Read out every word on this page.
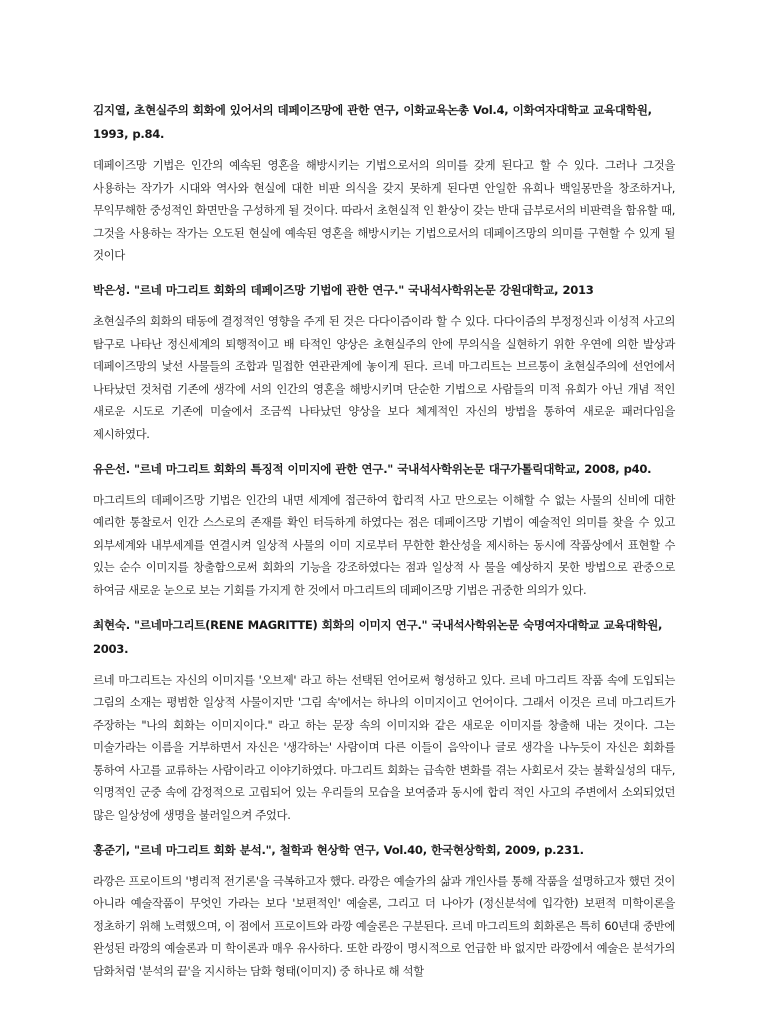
김지열, 초현실주의 회화에 있어서의 데페이즈망에 관한 연구, 이화교육논총 Vol.4, 이화여자대학교 교육대학원, 1993, p.84.

데페이즈망 기법은 인간의 예속된 영혼을 해방시키는 기법으로서의 의미를 갖게 된다고 할 수 있다. 그러나 그것을 사용하는 작가가 시대와 역사와 현실에 대한 비판 의식을 갖지 못하게 된다면 안일한 유희나 백일몽만을 창조하거나, 무익무해한 중성적인 화면만을 구성하게 될 것이다. 따라서 초현실적 인 환상이 갖는 반대 급부로서의 비판력을 함유할 때, 그것을 사용하는 작가는 오도된 현실에 예속된 영혼을 해방시키는 기법으로서의 데페이즈망의 의미를 구현할 수 있게 될 것이다

박은성. "르네 마그리트 회화의 데페이즈망 기법에 관한 연구." 국내석사학위논문 강원대학교, 2013

초현실주의 회화의 태동에 결정적인 영향을 주게 된 것은 다다이즘이라 할 수 있다. 다다이즘의 부정정신과 이성적 사고의 탐구로 나타난 정신세계의 퇴행적이고 배 타적인 양상은 초현실주의 안에 무의식을 실현하기 위한 우연에 의한 발상과 데페이즈망의 낯선 사물들의 조합과 밀접한 연관관계에 놓이게 된다. 르네 마그리트는 브르통이 초현실주의에 선언에서 나타났던 것처럼 기존에 생각에 서의 인간의 영혼을 해방시키며 단순한 기법으로 사람들의 미적 유희가 아닌 개념 적인 새로운 시도로 기존에 미술에서 조금씩 나타났던 양상을 보다 체계적인 자신의 방법을 통하여 새로운 패러다임을 제시하였다.

유은선. "르네 마그리트 회화의 특징적 이미지에 관한 연구." 국내석사학위논문 대구가톨릭대학교, 2008, p40.

마그리트의 데페이즈망 기법은 인간의 내면 세계에 접근하여 합리적 사고 만으로는 이해할 수 없는 사물의 신비에 대한 예리한 통찰로서 인간 스스로의 존재를 확인 터득하게 하였다는 점은 데페이즈망 기법이 예술적인 의미를 찾을 수 있고 외부세계와 내부세계를 연결시켜 일상적 사물의 이미 지로부터 무한한 환산성을 제시하는 동시에 작품상에서 표현할 수 있는 순수 이미지를 창출함으로써 회화의 기능을 강조하였다는 점과 일상적 사 물을 예상하지 못한 방법으로 관중으로 하여금 새로운 눈으로 보는 기회를 가지게 한 것에서 마그리트의 데페이즈망 기법은 귀중한 의의가 있다.

최현숙. "르네마그리트(RENE MAGRITTE) 회화의 이미지 연구." 국내석사학위논문 숙명여자대학교 교육대학원, 2003.

르네 마그리트는 자신의 이미지를 '오브제' 라고 하는 선택된 언어로써 형성하고 있다. 르네 마그리트 작품 속에 도입되는 그림의 소재는 평범한 일상적 사물이지만 '그림 속'에서는 하나의 이미지이고 언어이다. 그래서 이것은 르네 마그리트가 주장하는 "나의 회화는 이미지이다." 라고 하는 문장 속의 이미지와 같은 새로운 이미지를 창출해 내는 것이다. 그는 미술가라는 이름을 거부하면서 자신은 '생각하는' 사람이며 다른 이들이 음악이나 글로 생각을 나누듯이 자신은 회화를 통하여 사고를 교류하는 사람이라고 이야기하였다. 마그리트 회화는 급속한 변화를 겪는 사회로서 갖는 불확실성의 대두, 익명적인 군중 속에 감정적으로 고립되어 있는 우리들의 모습을 보여줌과 동시에 합리 적인 사고의 주변에서 소외되었던 많은 일상성에 생명을 불러일으켜 주었다.

홍준기, "르네 마그리트 회화 분석.", 철학과 현상학 연구, Vol.40, 한국현상학회, 2009, p.231.

라깡은 프로이트의 '병리적 전기론'을 극복하고자 했다. 라깡은 예술가의 삶과 개인사를 통해 작품을 설명하고자 했던 것이 아니라 예술작품이 무엇인 가라는 보다 '보편적인' 예술론, 그리고 더 나아가 (정신분석에 입각한) 보편적 미학이론을 정초하기 위해 노력했으며, 이 점에서 프로이트와 라깡 예술론은 구분된다. 르네 마그리트의 회화론은 특히 60년대 중반에 완성된 라깡의 예술론과 미 학이론과 매우 유사하다. 또한 라깡이 명시적으로 언급한 바 없지만 라깡에서 예술은 분석가의 담화처럼 '분석의 끝'을 지시하는 담화 형태(이미지) 중 하나로 해 석할
